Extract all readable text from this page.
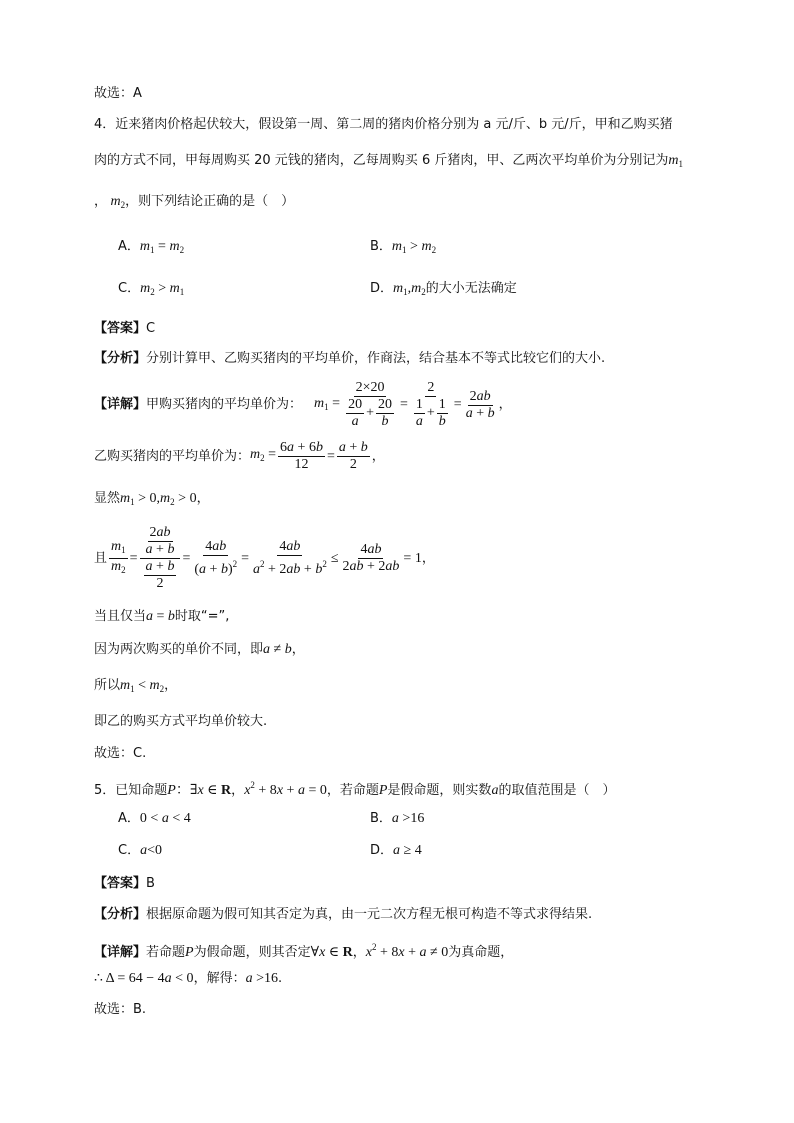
故选：A
4．近来猪肉价格起伏较大，假设第一周、第二周的猪肉价格分别为 a 元/斤、b 元/斤，甲和乙购买猪
肉的方式不同，甲每周购买 20 元钱的猪肉，乙每周购买 6 斤猪肉，甲、乙两次平均单价为分别记为$m_1$
， $m_2$，则下列结论正确的是（　）
A．$m_1 = m_2$	B．$m_1 > m_2$
C．$m_2 > m_1$	D．$m_1,m_2$的大小无法确定
【答案】C
【分析】分别计算甲、乙购买猪肉的平均单价，作商法，结合基本不等式比较它们的大小.
【详解】 甲购买猪肉的平均单价为： $m_1 = \frac{2\times 20}{\frac{20}{a} + \frac{20}{b}} = \frac{2}{\frac{1}{a} + \frac{1}{b}} = \frac{2ab}{a + b}$ ，
乙购买猪肉的平均单价为： $m_2 = \frac{6a + 6b}{12} = \frac{a + b}{2}$ ，
显然$m_1 > 0,m_2 > 0$，
且 $\frac{m_1}{m_2} = \frac{\frac{2ab}{a + b}}{\frac{a + b}{2}} = \frac{4ab}{(a + b)^2} = \frac{4ab}{a^2 + 2ab + b^2} \le \frac{4ab}{2ab + 2ab} = 1$ ，
当且仅当a = b时取“=”,
因为两次购买的单价不同，即a ≠ b，
所以$m_1 < m_2$，
即乙的购买方式平均单价较大.
故选：C.
5．已知命题P：∃x ∈ R，$x^2 + 8x + a = 0$，若命题P是假命题，则实数a的取值范围是（　）
A．0 < a < 4	B．a >16
C．a<0	D．a ≥ 4
【答案】B
【分析】根据原命题为假可知其否定为真，由一元二次方程无根可构造不等式求得结果.
【详解】若命题P为假命题，则其否定∀x ∈ R，$x^2 + 8x + a \ne 0$为真命题，
∴ Δ = 64 − 4a < 0，解得：a >16.
故选：B.
